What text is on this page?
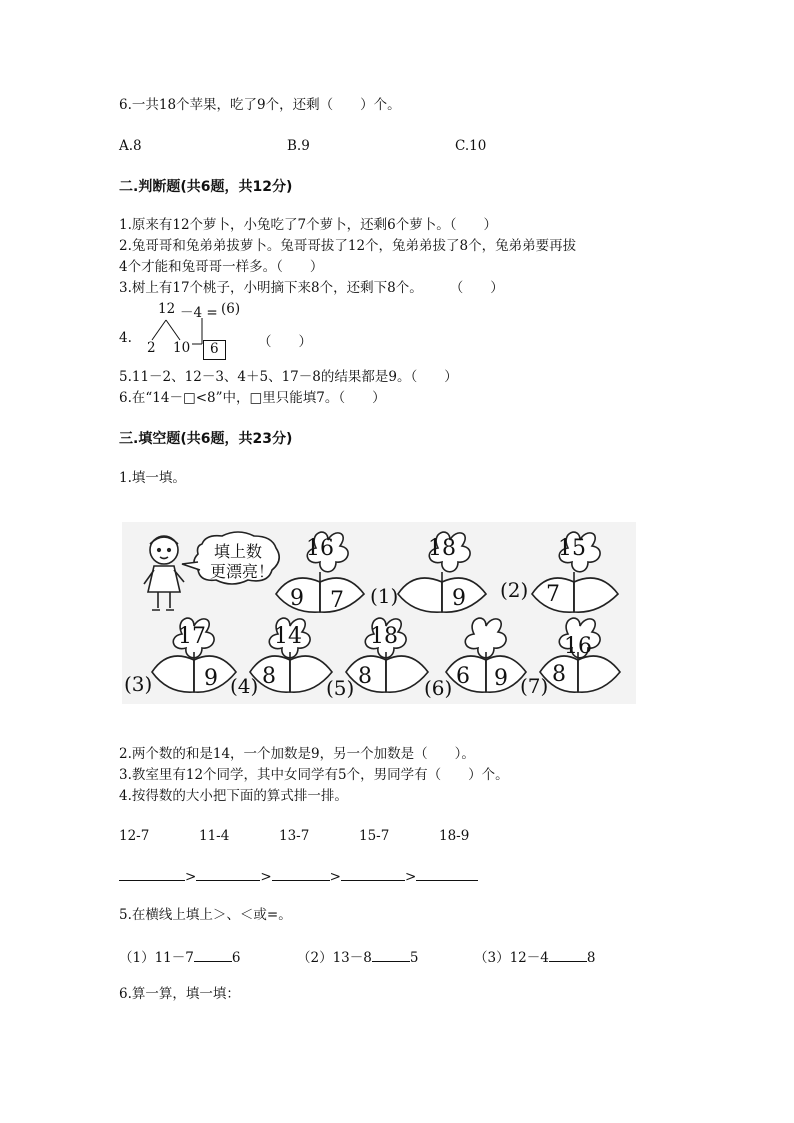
6.一共18个苹果，吃了9个，还剩（　　）个。
A.8	B.9	C.10
二.判断题(共6题，共12分)
1.原来有12个萝卜，小兔吃了7个萝卜，还剩6个萝卜。（　　）
2.兔哥哥和兔弟弟拔萝卜。兔哥哥拔了12个，兔弟弟拔了8个，兔弟弟要再拔
4个才能和兔哥哥一样多。（　　）
3.树上有17个桃子，小明摘下来8个，还剩下8个。　　　（　　）
4.
12 －4 = (6)
2 10 6	（　　）
5.11－2、12－3、4＋5、17－8的结果都是9。（　　）
6.在“14－□<8”中，□里只能填7。（　　）
三.填空题(共6题，共23分)
1.填一填。
填上数
更漂亮！
16
9 7 (1)
18
9 (2)
15
7
(3)
17
9 (4)
14
8	(5)
18
8	(6) 6 9 (7)
16
8
2.两个数的和是14，一个加数是9，另一个加数是（　　）。
3.教室里有12个同学，其中女同学有5个，男同学有（　　）个。
4.按得数的大小把下面的算式排一排。
12-7	11-4	13-7	15-7	18-9
>	>	>	>
5.在横线上填上＞、＜或=。
（1）11－7	6	（2）13－8	5	（3）12－4	8
6.算一算，填一填：
